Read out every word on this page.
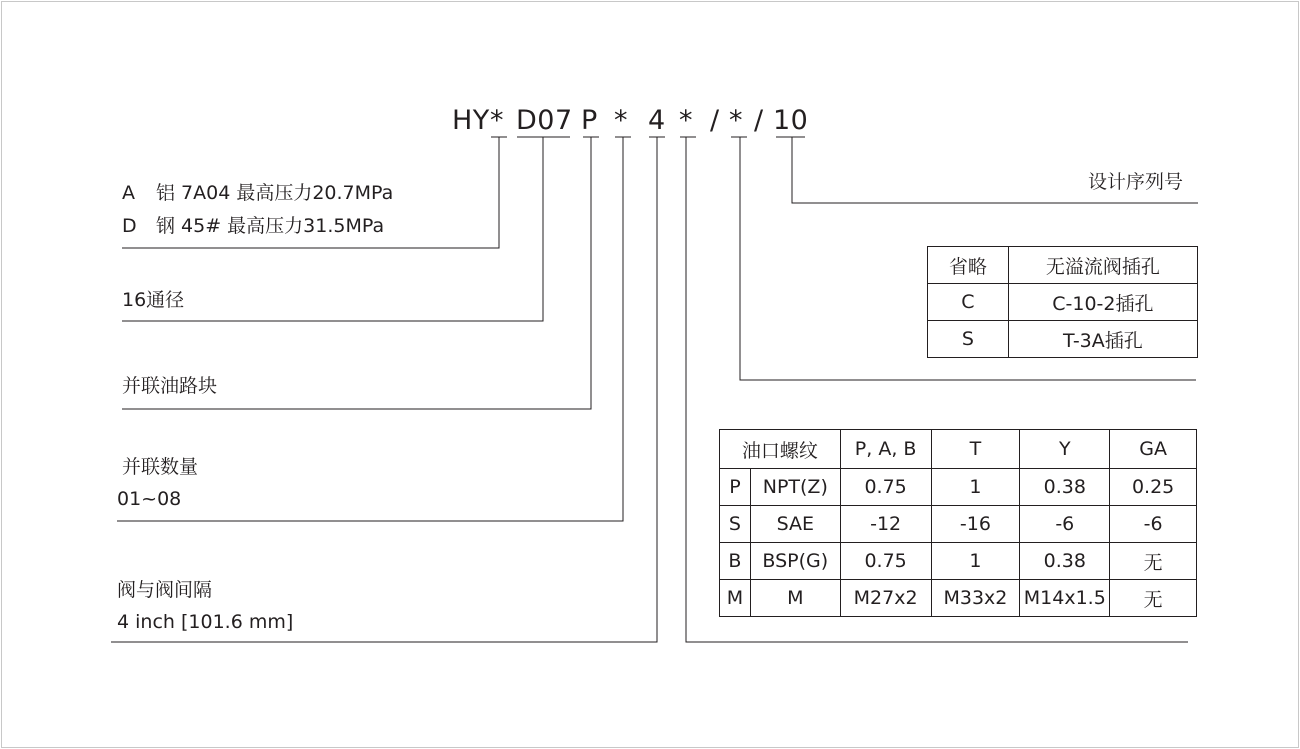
HY * D07 P * 4 * / * / 10
A 铝 7A04 最高压力20.7MPa
D 钢 45# 最高压力31.5MPa
16通径
并联油路块
并联数量
01~08
阀与阀间隔
4 inch [101.6 mm]
设计序列号
省略	无溢流阀插孔
C	C-10-2插孔
S	T-3A插孔
油口螺纹		P, A, B	T	Y	GA
P	NPT(Z)	0.75	1	0.38	0.25
S	SAE	-12	-16	-6	-6
B	BSP(G)	0.75	1	0.38	无
M	M	M27x2	M33x2	M14x1.5	无
